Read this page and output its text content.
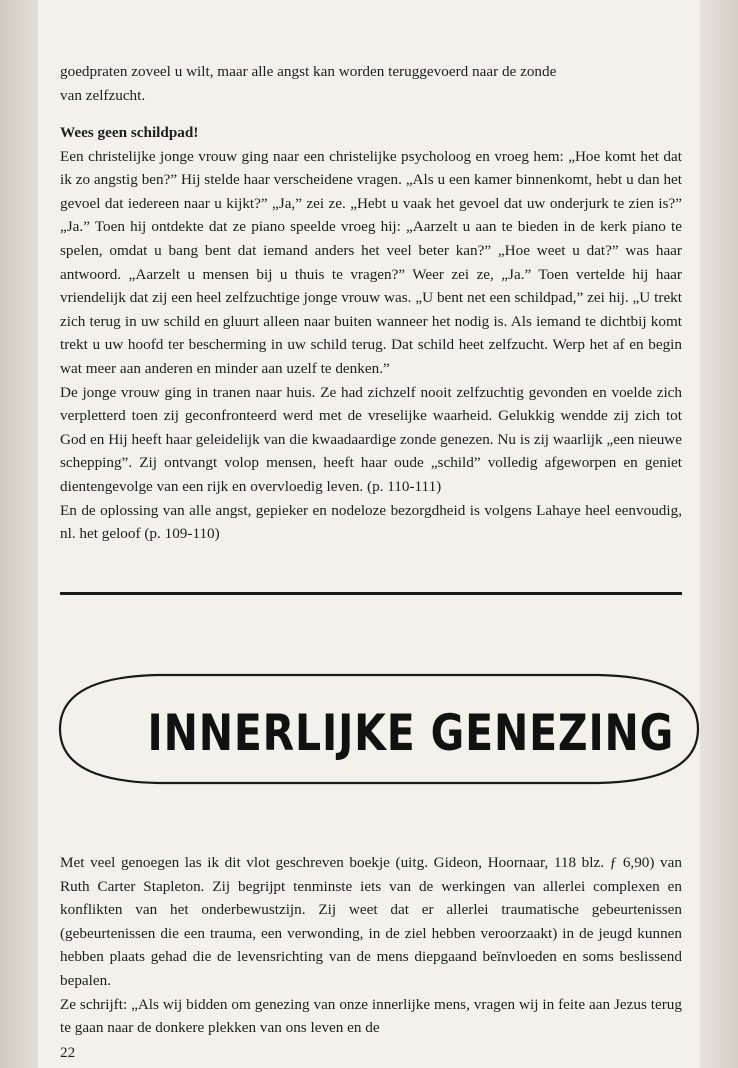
goedpraten zoveel u wilt, maar alle angst kan worden teruggevoerd naar de zonde

van zelfzucht.

Wees geen schildpad!

Een christelijke jonge vrouw ging naar een christelijke psycholoog en vroeg hem: „Hoe komt het dat ik zo angstig ben?” Hij stelde haar verscheidene vragen. „Als u een kamer binnenkomt, hebt u dan het gevoel dat iedereen naar u kijkt?” „Ja,” zei ze. „Hebt u vaak het gevoel dat uw onderjurk te zien is?” „Ja.” Toen hij ontdekte dat ze piano speelde vroeg hij: „Aarzelt u aan te bieden in de kerk piano te spelen, omdat u bang bent dat iemand anders het veel beter kan?” „Hoe weet u dat?” was haar antwoord. „Aarzelt u mensen bij u thuis te vragen?” Weer zei ze, „Ja.” Toen vertelde hij haar vriendelijk dat zij een heel zelfzuchtige jonge vrouw was. „U bent net een schildpad,” zei hij. „U trekt zich terug in uw schild en gluurt alleen naar buiten wanneer het nodig is. Als iemand te dichtbij komt trekt u uw hoofd ter bescherming in uw schild terug. Dat schild heet zelfzucht. Werp het af en begin wat meer aan anderen en minder aan uzelf te denken.”

De jonge vrouw ging in tranen naar huis. Ze had zichzelf nooit zelfzuchtig gevonden en voelde zich verpletterd toen zij geconfronteerd werd met de vreselijke waarheid. Gelukkig wendde zij zich tot God en Hij heeft haar geleidelijk van die kwaadaardige zonde genezen. Nu is zij waarlijk „een nieuwe schepping”. Zij ontvangt volop mensen, heeft haar oude „schild” volledig afgeworpen en geniet dientengevolge van een rijk en overvloedig leven. (p. 110-111)

En de oplossing van alle angst, gepieker en nodeloze bezorgdheid is volgens Lahaye heel eenvoudig, nl. het geloof (p. 109-110)

INNERLIJKE GENEZING

Met veel genoegen las ik dit vlot geschreven boekje (uitg. Gideon, Hoornaar, 118 blz. ƒ 6,90) van Ruth Carter Stapleton. Zij begrijpt tenminste iets van de werkingen van allerlei complexen en konflikten van het onderbewustzijn. Zij weet dat er allerlei traumatische gebeurtenissen (gebeurtenissen die een trauma, een verwonding, in de ziel hebben veroorzaakt) in de jeugd kunnen hebben plaats gehad die de levensrichting van de mens diepgaand beïnvloeden en soms beslissend bepalen.

Ze schrijft: „Als wij bidden om genezing van onze innerlijke mens, vragen wij in feite aan Jezus terug te gaan naar de donkere plekken van ons leven en de

22
